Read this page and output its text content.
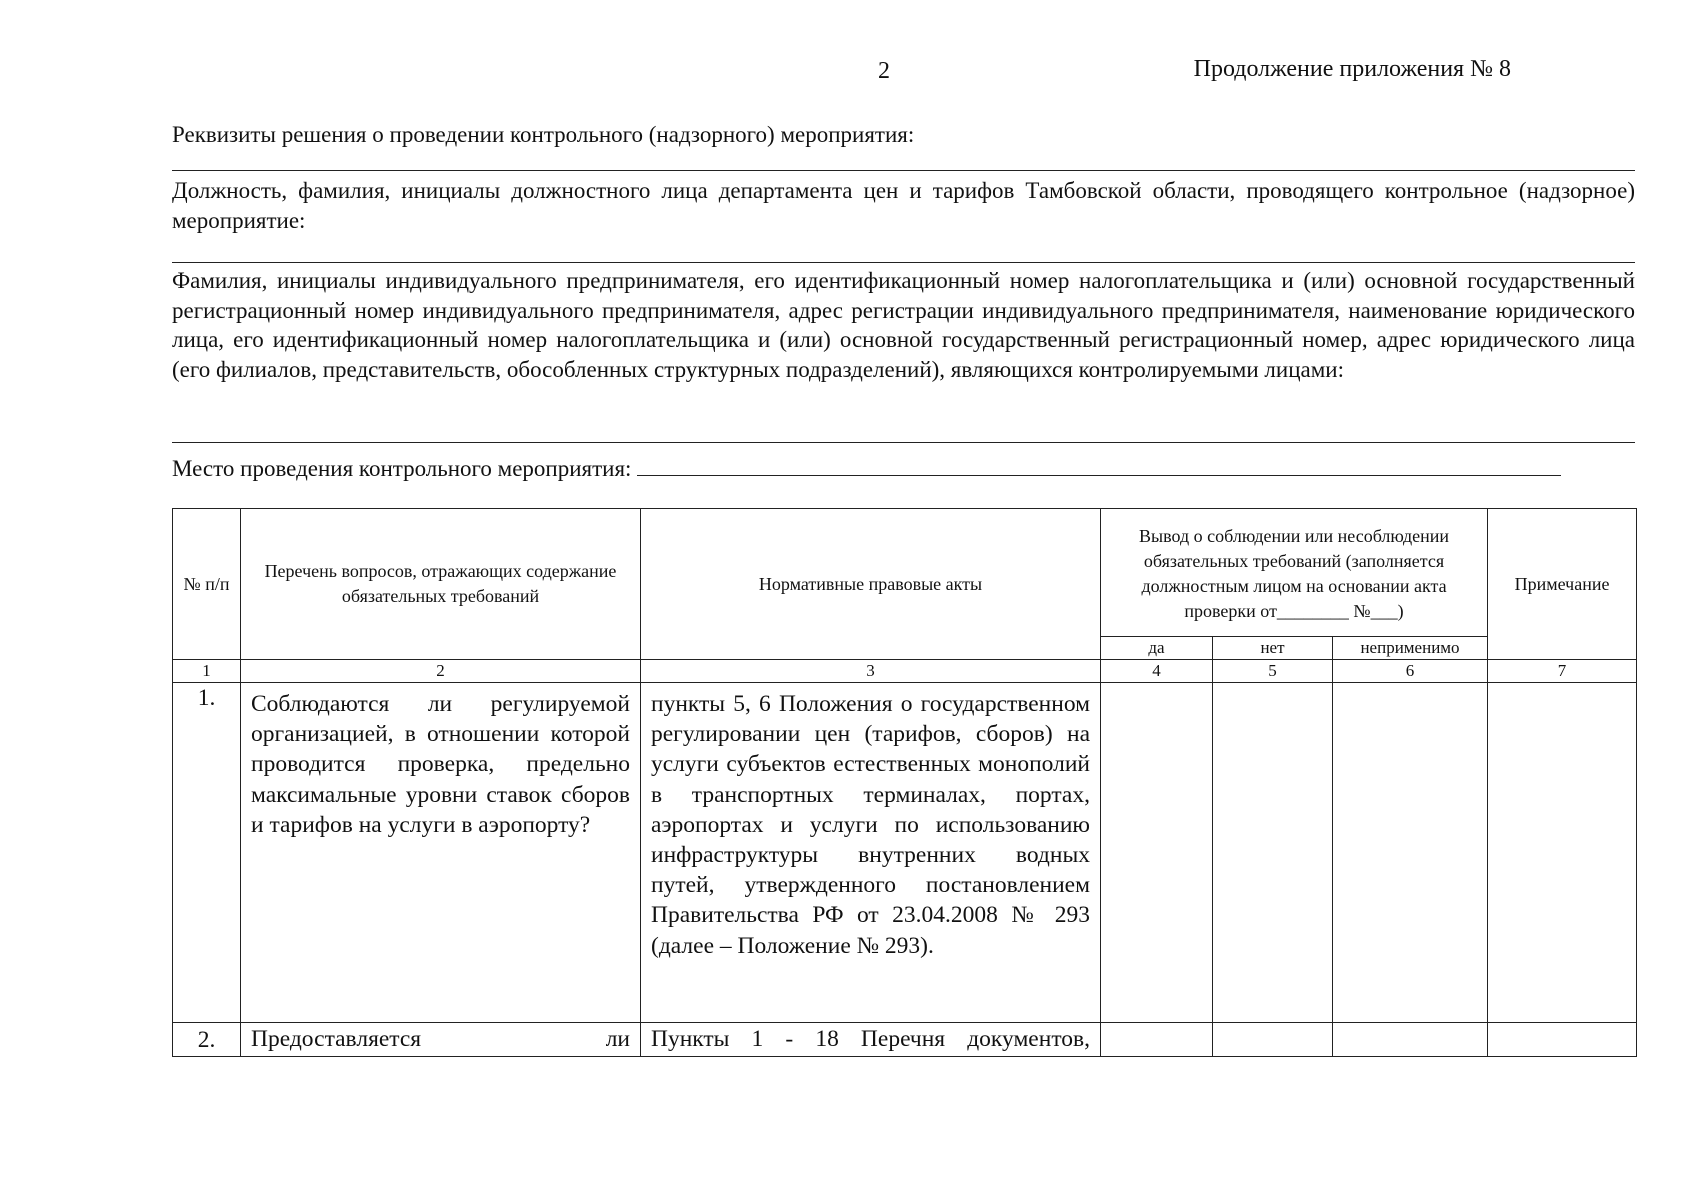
2	Продолжение приложения № 8
Реквизиты решения о проведении контрольного (надзорного) мероприятия:
Должность, фамилия, инициалы должностного лица департамента цен и тарифов Тамбовской области, проводящего контрольное (надзорное) мероприятие:
Фамилия, инициалы индивидуального предпринимателя, его идентификационный номер налогоплательщика и (или) основной государственный регистрационный номер индивидуального предпринимателя, адрес регистрации индивидуального предпринимателя, наименование юридического лица, его идентификационный номер налогоплательщика и (или) основной государственный регистрационный номер, адрес юридического лица (его филиалов, представительств, обособленных структурных подразделений), являющихся контролируемыми лицами:
Место проведения контрольного мероприятия:
№ п/п	Перечень вопросов, отражающих содержание обязательных требований	Нормативные правовые акты	Вывод о соблюдении или несоблюдении обязательных требований (заполняется должностным лицом на основании акта проверки от________ №___)			Примечание
			да	нет	неприменимо	
1	2	3	4	5	6	7
1.	Соблюдаются ли регулируемой организацией, в отношении которой проводится проверка, предельно максимальные уровни ставок сборов и тарифов на услуги в аэропорту?	пункты 5, 6 Положения о государственном регулировании цен (тарифов, сборов) на услуги субъектов естественных монополий в транспортных терминалах, портах, аэропортах и услуги по использованию инфраструктуры внутренних водных путей, утвержденного постановлением Правительства РФ от 23.04.2008 № 293 (далее – Положение № 293).				

2.	Предоставляется ли	Пункты 1 - 18 Перечня документов,				
